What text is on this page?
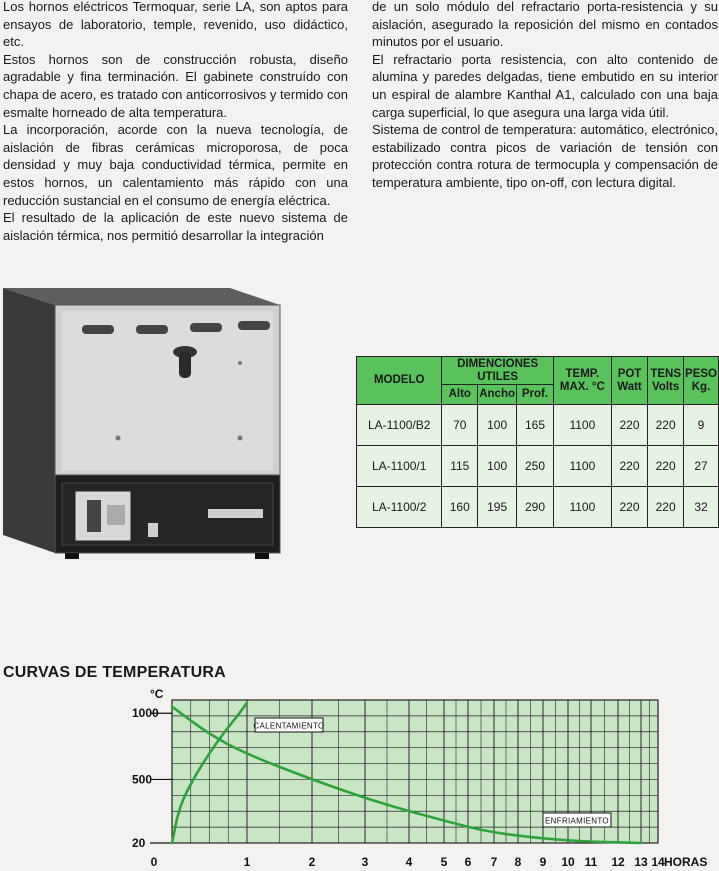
Los hornos eléctricos Termoquar, serie LA, son aptos para ensayos de laboratorio, temple, revenido, uso didáctico, etc.

Estos hornos son de construcción robusta, diseño agradable y fina terminación. El gabinete construído con chapa de acero, es tratado con anticorrosivos y termido con esmalte horneado de alta temperatura.

La incorporación, acorde con la nueva tecnología, de aislación de fibras cerámicas microporosa, de poca densidad y muy baja conductividad térmica, permite en estos hornos, un calentamiento más rápido con una reducción sustancial en el consumo de energía eléctrica.

El resultado de la aplicación de este nuevo sistema de aislación térmica, nos permitió desarrollar la integración

de un solo módulo del refractario porta-resistencia y su aislación, asegurado la reposición del mismo en contados minutos por el usuario.

El refractario porta resistencia, con alto contenido de alumina y paredes delgadas, tiene embutido en su interior un espiral de alambre Kanthal A1, calculado con una baja carga superficial, lo que asegura una larga vida útil.

Sistema de control de temperatura: automático, electrónico, estabilizado contra picos de variación de tensión con protección contra rotura de termocupla y compensación de temperatura ambiente, tipo on-off, con lectura digital.

MODELO	DIMENCIONES UTILES			TEMP. MAX. °C	POT Watt	TENS Volts	PESO Kg.
	Alto	Ancho	Prof.				
LA-1100/B2	70	100	165	1100	220	220	9
LA-1100/1	115	100	250	1100	220	220	27
LA-1100/2	160	195	290	1100	220	220	32
CURVAS DE TEMPERATURA
0	1	2	3	4 5 6 7 8 9 10 11 12 13 14 HORAS
°C
20
500
1000
CALENTAMIENTO
ENFRIAMIENTO
